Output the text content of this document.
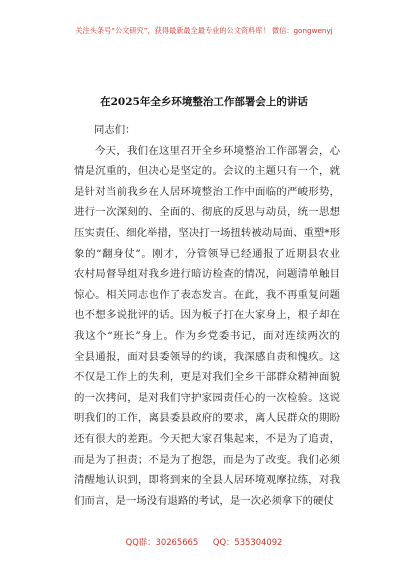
关注头条号“公文研究”，获得最新最全最专业的公文资料库！ 微信：gongwenyj
在2025年全乡环境整治工作部署会上的讲话
同志们：
今天，我们在这里召开全乡环境整治工作部署会，心
情是沉重的，但决心是坚定的。会议的主题只有一个，就
是针对当前我乡在人居环境整治工作中面临的严峻形势，
进行一次深刻的、全面的、彻底的反思与动员，统一思想
压实责任、细化举措，坚决打一场扭转被动局面、重塑*形
象的“翻身仗”。刚才，分管领导已经通报了近期县农业
农村局督导组对我乡进行暗访检查的情况，问题清单触目
惊心。相关同志也作了表态发言。在此，我不再重复问题
也不想多说批评的话。因为板子打在大家身上，根子却在
我这个“班长”身上。作为乡党委书记，面对连续两次的
全县通报，面对县委领导的约谈，我深感自责和愧疚。这
不仅是工作上的失利，更是对我们全乡干部群众精神面貌
的一次拷问，是对我们守护家园责任心的一次检验。这说
明我们的工作，离县委县政府的要求，离人民群众的期盼
还有很大的差距。今天把大家召集起来，不是为了追责，
而是为了担责；不是为了抱怨，而是为了改变。我们必须
清醒地认识到，即将到来的全县人居环境观摩拉练，对我
们而言，是一场没有退路的考试，是一次必须拿下的硬仗
QQ群：30265665 QQ：535304092
